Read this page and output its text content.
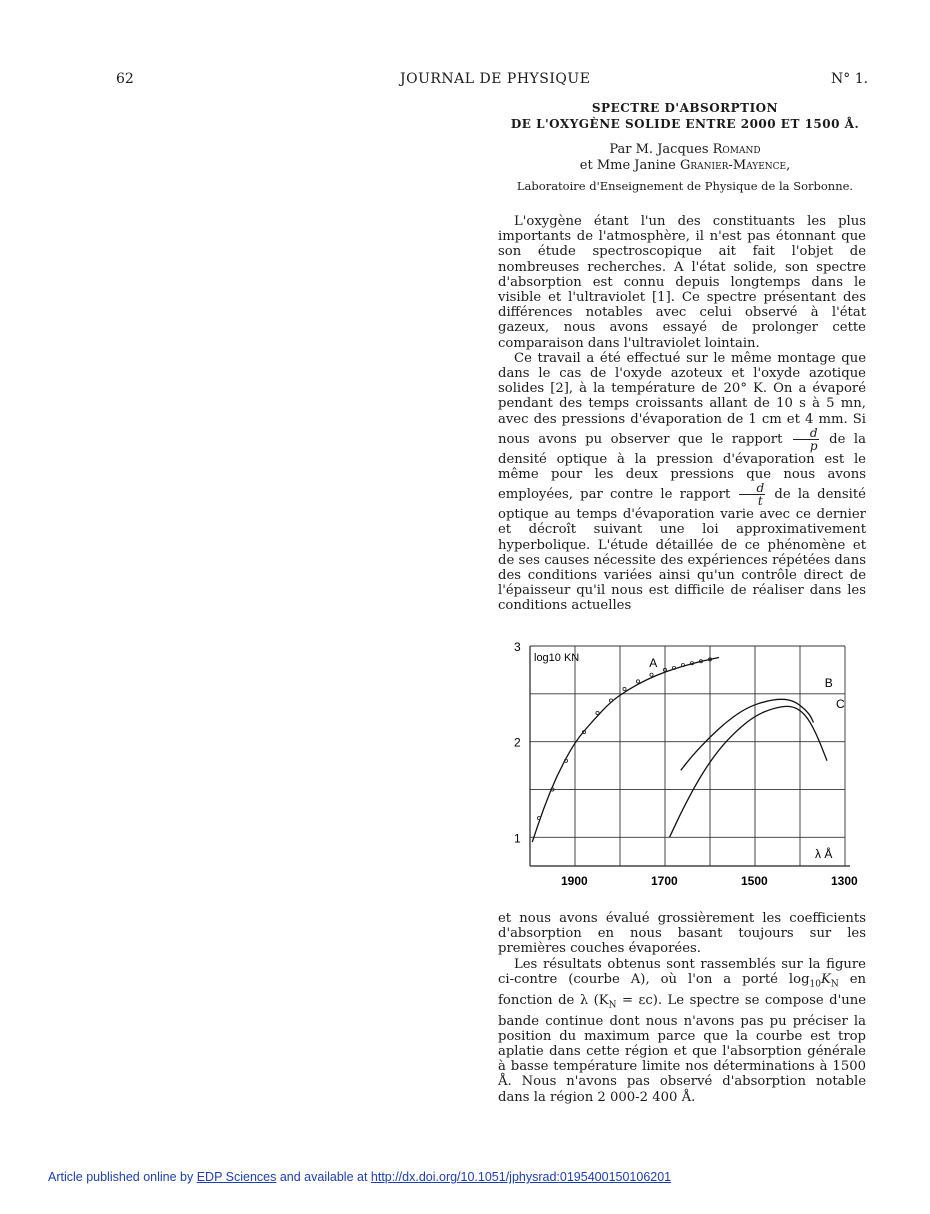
62	JOURNAL DE PHYSIQUE	N° 1.
SPECTRE D'ABSORPTION
DE L'OXYGÈNE SOLIDE ENTRE 2000 ET 1500 Å.
Par M. Jacques Romand
et Mme Janine Granier-Mayence,
Laboratoire d'Enseignement de Physique de la Sorbonne.

L'oxygène étant l'un des constituants les plus importants de l'atmosphère, il n'est pas étonnant que son étude spectroscopique ait fait l'objet de nombreuses recherches. A l'état solide, son spectre d'absorption est connu depuis longtemps dans le visible et l'ultraviolet [1]. Ce spectre présentant des différences notables avec celui observé à l'état gazeux, nous avons essayé de prolonger cette comparaison dans l'ultraviolet lointain.

Ce travail a été effectué sur le même montage que dans le cas de l'oxyde azoteux et l'oxyde azotique solides [2], à la température de 20° K. On a évaporé pendant des temps croissants allant de 10 s à 5 mn, avec des pressions d'évaporation de 1 cm et 4 mm. Si nous avons pu observer que le rapport $\frac{d}{p}$ de la densité optique à la pression d'évaporation est le même pour les deux pressions que nous avons employées, par contre le rapport $\frac{d}{t}$ de la densité optique au temps d'évaporation varie avec ce dernier et décroît suivant une loi approximativement hyperbolique. L'étude détaillée de ce phénomène et de ses causes nécessite des expériences répétées dans des conditions variées ainsi qu'un contrôle direct de l'épaisseur qu'il nous est difficile de réaliser dans les conditions actuelles

1
2
3
1900	1700	1500	1300
log10 KN
λ Å
A
B
C

et nous avons évalué grossièrement les coefficients d'absorption en nous basant toujours sur les premières couches évaporées.

Les résultats obtenus sont rassemblés sur la figure ci-contre (courbe A), où l'on a porté $\log_{10}K_N$ en fonction de λ $(K_N = \varepsilon c)$. Le spectre se compose d'une bande continue dont nous n'avons pas pu préciser la position du maximum parce que la courbe est trop aplatie dans cette région et que l'absorption générale à basse température limite nos déterminations à 1500 Å. Nous n'avons pas observé d'absorption notable dans la région 2 000-2 400 Å.

Article published online by EDP Sciences and available at http://dx.doi.org/10.1051/jphysrad:0195400150106201
